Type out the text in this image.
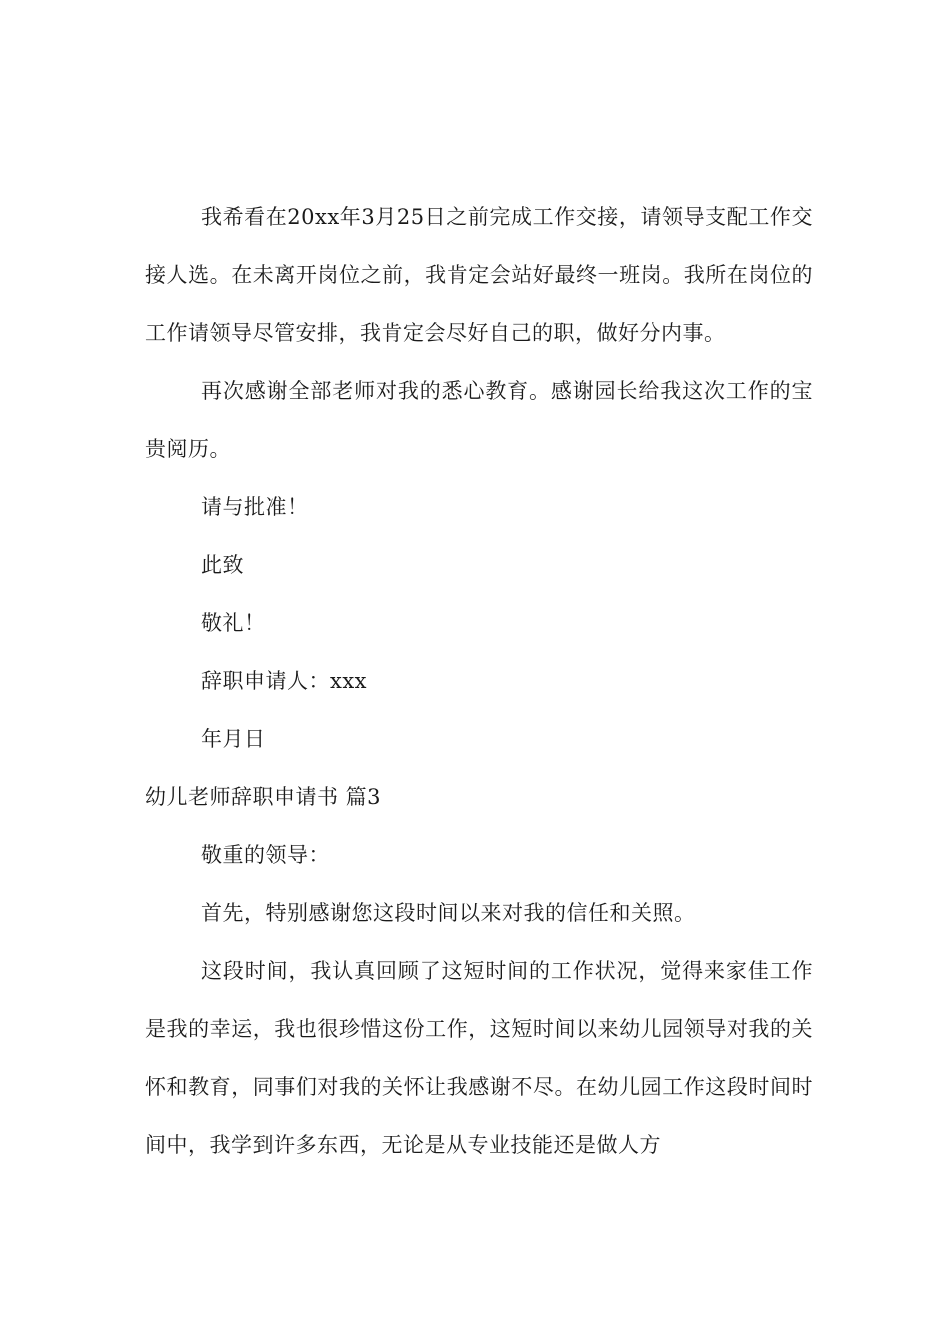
我希看在20xx年3月25日之前完成工作交接，请领导支配工作交接人选。在未离开岗位之前，我肯定会站好最终一班岗。我所在岗位的工作请领导尽管安排，我肯定会尽好自己的职，做好分内事。

再次感谢全部老师对我的悉心教育。感谢园长给我这次工作的宝贵阅历。

请与批准！

此致

敬礼！

辞职申请人：xxx

年月日

幼儿老师辞职申请书 篇3

敬重的领导：

首先，特别感谢您这段时间以来对我的信任和关照。

这段时间，我认真回顾了这短时间的工作状况，觉得来家佳工作是我的幸运，我也很珍惜这份工作，这短时间以来幼儿园领导对我的关怀和教育，同事们对我的关怀让我感谢不尽。在幼儿园工作这段时间时间中，我学到许多东西，无论是从专业技能还是做人方
